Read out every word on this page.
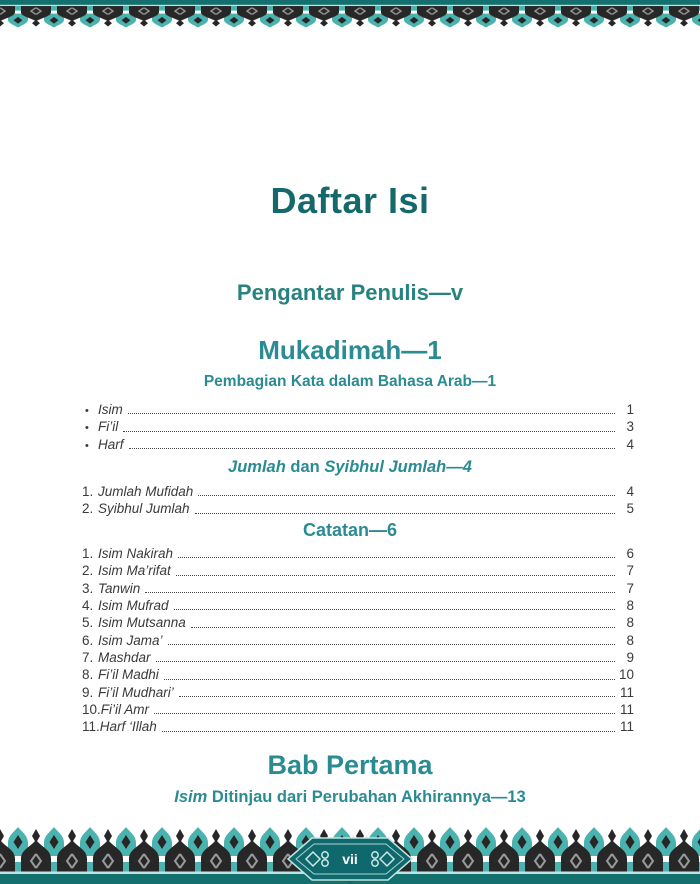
Daftar Isi
Pengantar Penulis—v
Mukadimah—1
Pembagian Kata dalam Bahasa Arab—1
• Isim	1
• Fi’il	3
• Harf	4
Jumlah dan Syibhul Jumlah—4
1. Jumlah Mufidah	4
2. Syibhul Jumlah	5
Catatan—6
1. Isim Nakirah	6
2. Isim Ma’rifat	7
3. Tanwin	7
4. Isim Mufrad	8
5. Isim Mutsanna	8
6. Isim Jama’	8
7. Mashdar	9
8. Fi’il Madhi	10
9. Fi’il Mudhari’	11
10. Fi’il Amr	11
11. Harf ‘Illah	11
Bab Pertama
Isim Ditinjau dari Perubahan Akhirannya—13
vii
